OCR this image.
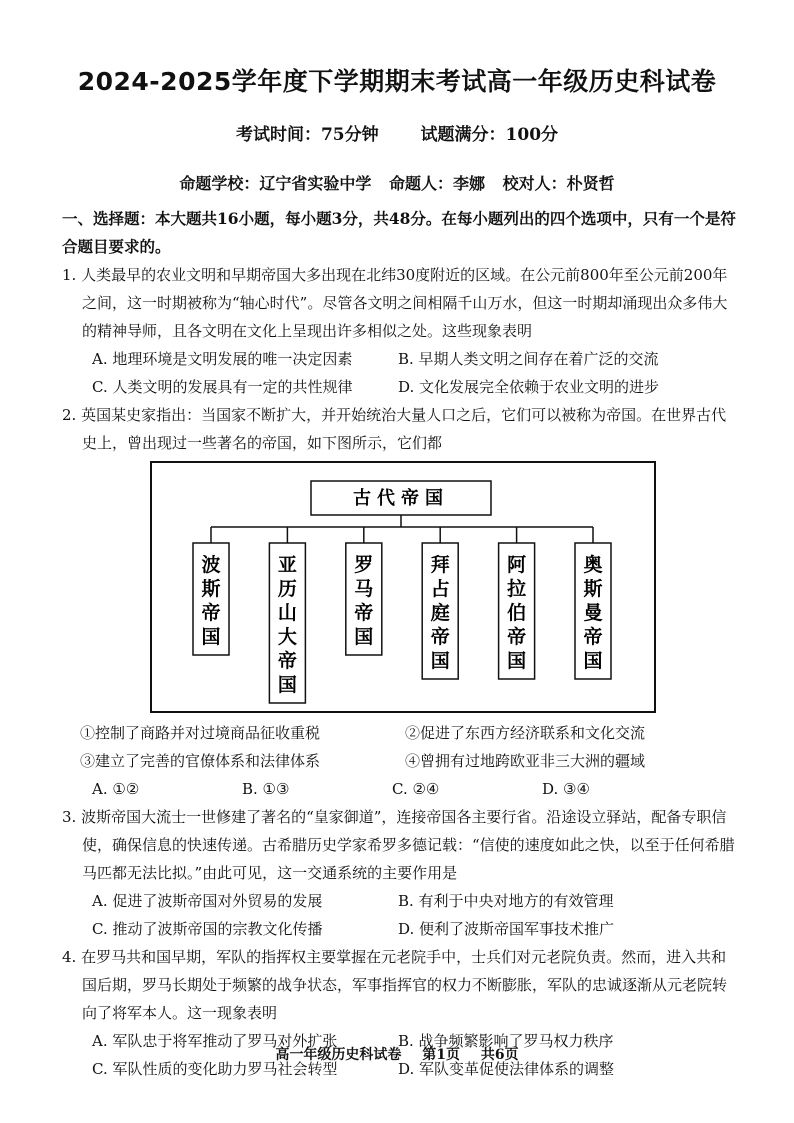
2024-2025学年度下学期期末考试高一年级历史科试卷
考试时间：75分钟 试题满分：100分
命题学校：辽宁省实验中学 命题人：李娜 校对人：朴贤哲
一、选择题：本大题共16小题，每小题3分，共48分。在每小题列出的四个选项中，只有一个是符合题目要求的。
1. 人类最早的农业文明和早期帝国大多出现在北纬30度附近的区域。在公元前800年至公元前200年之间，这一时期被称为“轴心时代”。尽管各文明之间相隔千山万水，但这一时期却涌现出众多伟大的精神导师，且各文明在文化上呈现出许多相似之处。这些现象表明
A. 地理环境是文明发展的唯一决定因素	B. 早期人类文明之间存在着广泛的交流
C. 人类文明的发展具有一定的共性规律	D. 文化发展完全依赖于农业文明的进步
2. 英国某史家指出：当国家不断扩大，并开始统治大量人口之后，它们可以被称为帝国。在世界古代史上，曾出现过一些著名的帝国，如下图所示，它们都
古代帝国
波斯帝国
亚历山大帝国
罗马帝国
拜占庭帝国
阿拉伯帝国
奥斯曼帝国
①控制了商路并对过境商品征收重税	②促进了东西方经济联系和文化交流
③建立了完善的官僚体系和法律体系	④曾拥有过地跨欧亚非三大洲的疆域
A. ①②	B. ①③	C. ②④	D. ③④
3. 波斯帝国大流士一世修建了著名的“皇家御道”，连接帝国各主要行省。沿途设立驿站，配备专职信使，确保信息的快速传递。古希腊历史学家希罗多德记载：“信使的速度如此之快，以至于任何希腊马匹都无法比拟。”由此可见，这一交通系统的主要作用是
A. 促进了波斯帝国对外贸易的发展	B. 有利于中央对地方的有效管理
C. 推动了波斯帝国的宗教文化传播	D. 便利了波斯帝国军事技术推广
4. 在罗马共和国早期，军队的指挥权主要掌握在元老院手中，士兵们对元老院负责。然而，进入共和国后期，罗马长期处于频繁的战争状态，军事指挥官的权力不断膨胀，军队的忠诚逐渐从元老院转向了将军本人。这一现象表明
A. 军队忠于将军推动了罗马对外扩张	B. 战争频繁影响了罗马权力秩序
C. 军队性质的变化助力罗马社会转型	D. 军队变革促使法律体系的调整
高一年级历史科试卷 第1页 共6页
